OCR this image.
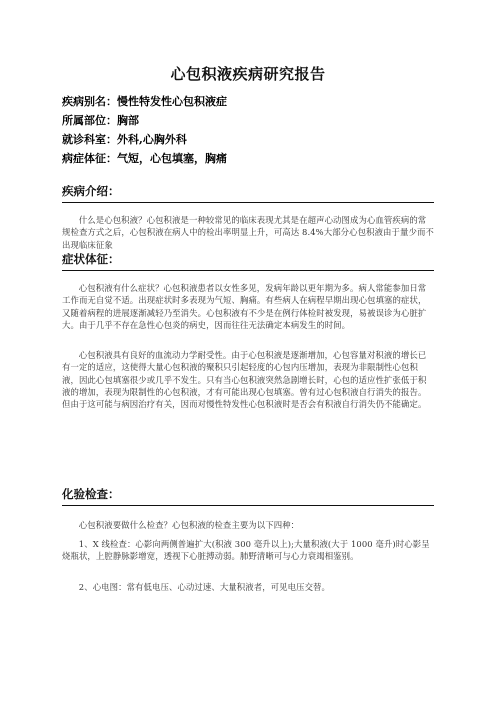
心包积液疾病研究报告
疾病别名：慢性特发性心包积液症
所属部位：胸部
就诊科室：外科,心胸外科
病症体征：气短，心包填塞，胸痛
疾病介绍：

什么是心包积液？心包积液是一种较常见的临床表现尤其是在超声心动图成为心血管疾病的常规检查方式之后，心包积液在病人中的检出率明显上升，可高达 8.4%大部分心包积液由于量少而不出现临床征象

症状体征：

心包积液有什么症状？心包积液患者以女性多见，发病年龄以更年期为多。病人常能参加日常工作而无自觉不适。出现症状时多表现为气短、胸痛。有些病人在病程早期出现心包填塞的症状，又随着病程的进展逐渐减轻乃至消失。心包积液有不少是在例行体检时被发现，易被误诊为心脏扩大。由于几乎不存在急性心包炎的病史，因而往往无法确定本病发生的时间。

心包积液具有良好的血流动力学耐受性。由于心包积液是逐渐增加，心包容量对积液的增长已有一定的适应，这使得大量心包积液的聚积只引起轻度的心包内压增加，表现为非限制性心包积液，因此心包填塞很少或几乎不发生。只有当心包积液突然急剧增长时，心包的适应性扩张低于积液的增加，表现为限制性的心包积液，才有可能出现心包填塞。曾有过心包积液自行消失的报告。但由于这可能与病因治疗有关，因而对慢性特发性心包积液时是否会有积液自行消失仍不能确定。

化验检查：

心包积液要做什么检查？心包积液的检查主要为以下四种：

1、X 线检查：心影向两侧普遍扩大(积液 300 毫升以上);大量积液(大于 1000 毫升)时心影呈烧瓶状，上腔静脉影增宽，透视下心脏搏动弱。肺野清晰可与心力衰竭相鉴别。

2、心电图：常有低电压、心动过速、大量积液者，可见电压交替。
